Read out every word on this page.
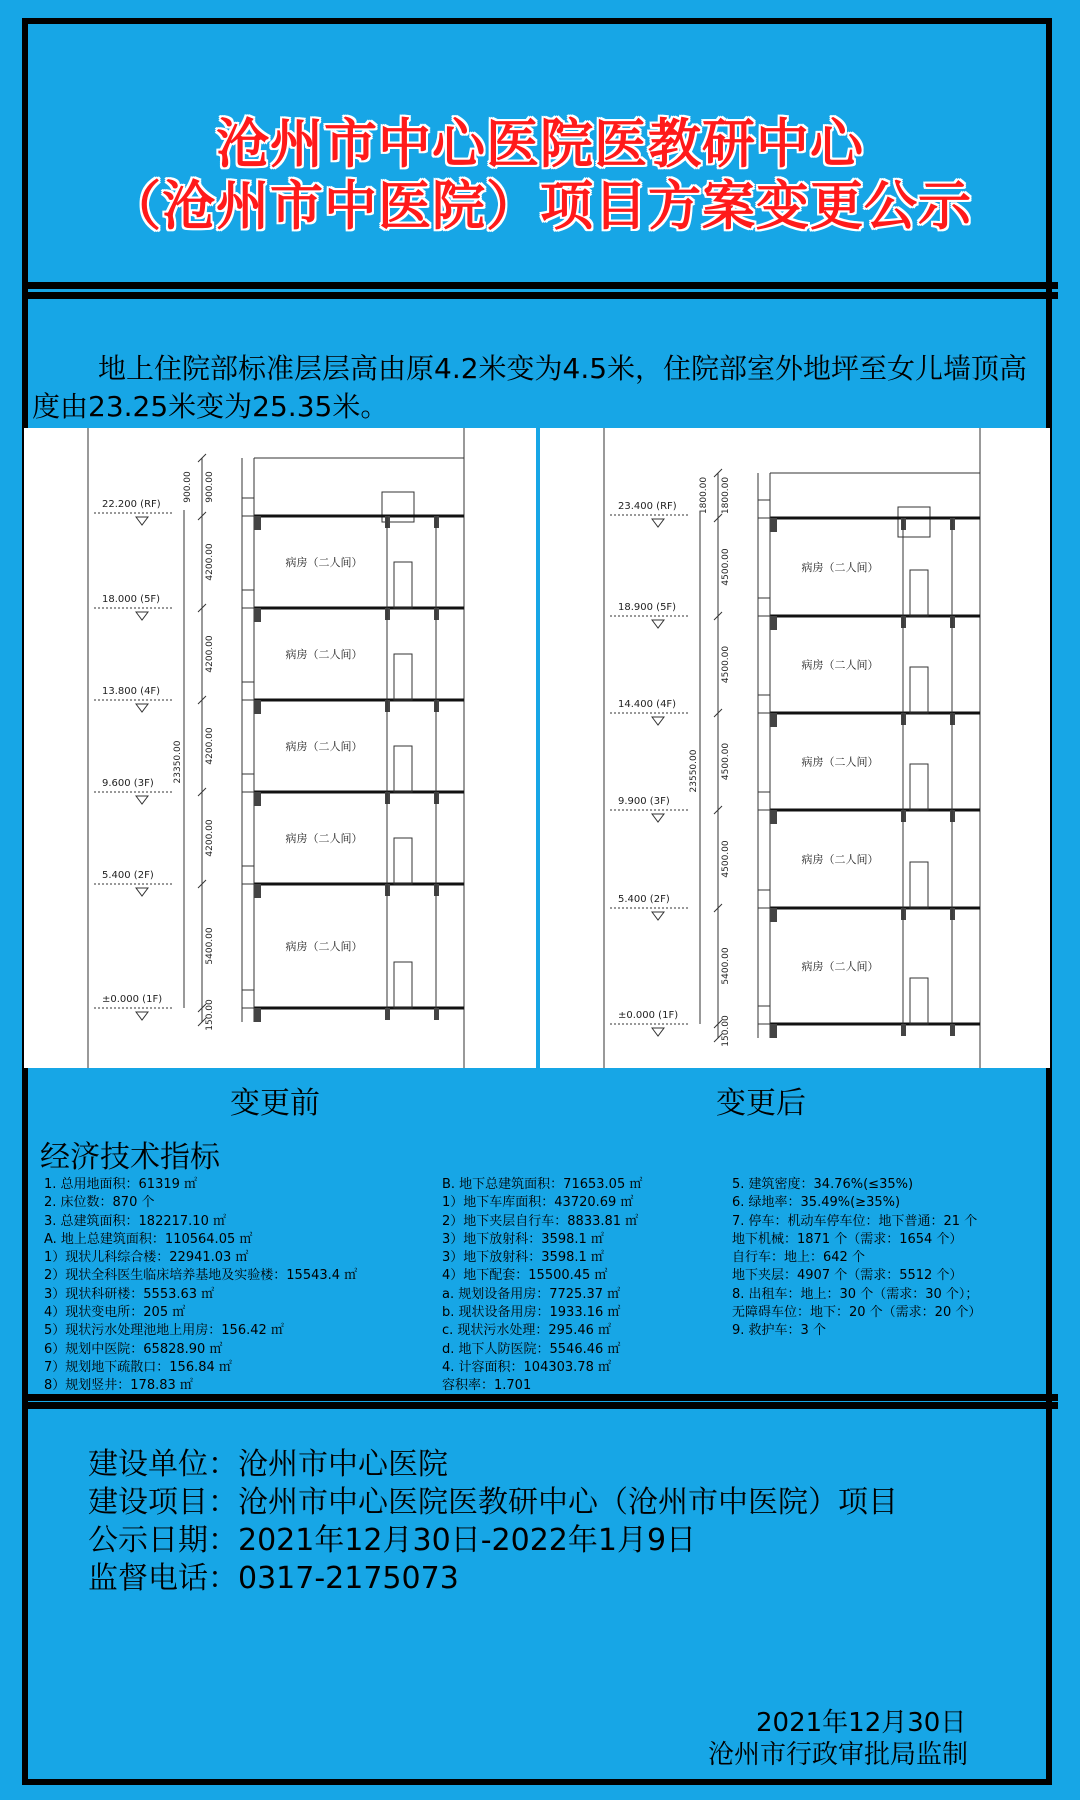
沧州市中心医院医教研中心
（沧州市中医院）项目方案变更公示
地上住院部标准层层高由原4.2米变为4.5米，住院部室外地坪至女儿墙顶高度由23.25米变为25.35米。
病房（二人间）
病房（二人间）
病房（二人间）
病房（二人间）
病房（二人间）
22.200 (RF)
18.000 (5F)
13.800 (4F)
9.600 (3F)
5.400 (2F)
±0.000 (1F)
900.00 900.00
4200.00
4200.00
4200.00
4200.00
5400.00
150.00
23350.00
病房（二人间）
病房（二人间）
病房（二人间）
病房（二人间）
病房（二人间）
23.400 (RF)
18.900 (5F)
14.400 (4F)
9.900 (3F)
5.400 (2F)
±0.000 (1F)
1800.00 1800.00
4500.00
4500.00
4500.00
4500.00
5400.00
150.00
23550.00
变更前	变更后
经济技术指标
1. 总用地面积：61319 ㎡
2. 床位数：870 个
3. 总建筑面积：182217.10 ㎡
A. 地上总建筑面积：110564.05 ㎡
1）现状儿科综合楼：22941.03 ㎡
2）现状全科医生临床培养基地及实验楼：15543.4 ㎡
3）现状科研楼：5553.63 ㎡
4）现状变电所：205 ㎡
5）现状污水处理池地上用房：156.42 ㎡
6）规划中医院：65828.90 ㎡
7）规划地下疏散口：156.84 ㎡
8）规划竖井：178.83 ㎡
B. 地下总建筑面积：71653.05 ㎡
1）地下车库面积：43720.69 ㎡
2）地下夹层自行车：8833.81 ㎡
3）地下放射科：3598.1 ㎡
3）地下放射科：3598.1 ㎡
4）地下配套：15500.45 ㎡
a. 规划设备用房：7725.37 ㎡
b. 现状设备用房：1933.16 ㎡
c. 现状污水处理：295.46 ㎡
d. 地下人防医院：5546.46 ㎡
4. 计容面积：104303.78 ㎡
容积率：1.701
5. 建筑密度：34.76%(≤35%)
6. 绿地率：35.49%(≥35%)
7. 停车：机动车停车位：地下普通：21 个
地下机械：1871 个（需求：1654 个）
自行车：地上：642 个
地下夹层：4907 个（需求：5512 个）
8. 出租车：地上：30 个（需求：30 个）；
无障碍车位：地下：20 个（需求：20 个）
9. 救护车：3 个
建设单位：沧州市中心医院
建设项目：沧州市中心医院医教研中心（沧州市中医院）项目
公示日期：2021年12月30日-2022年1月9日
监督电话：0317-2175073
2021年12月30日
沧州市行政审批局监制
